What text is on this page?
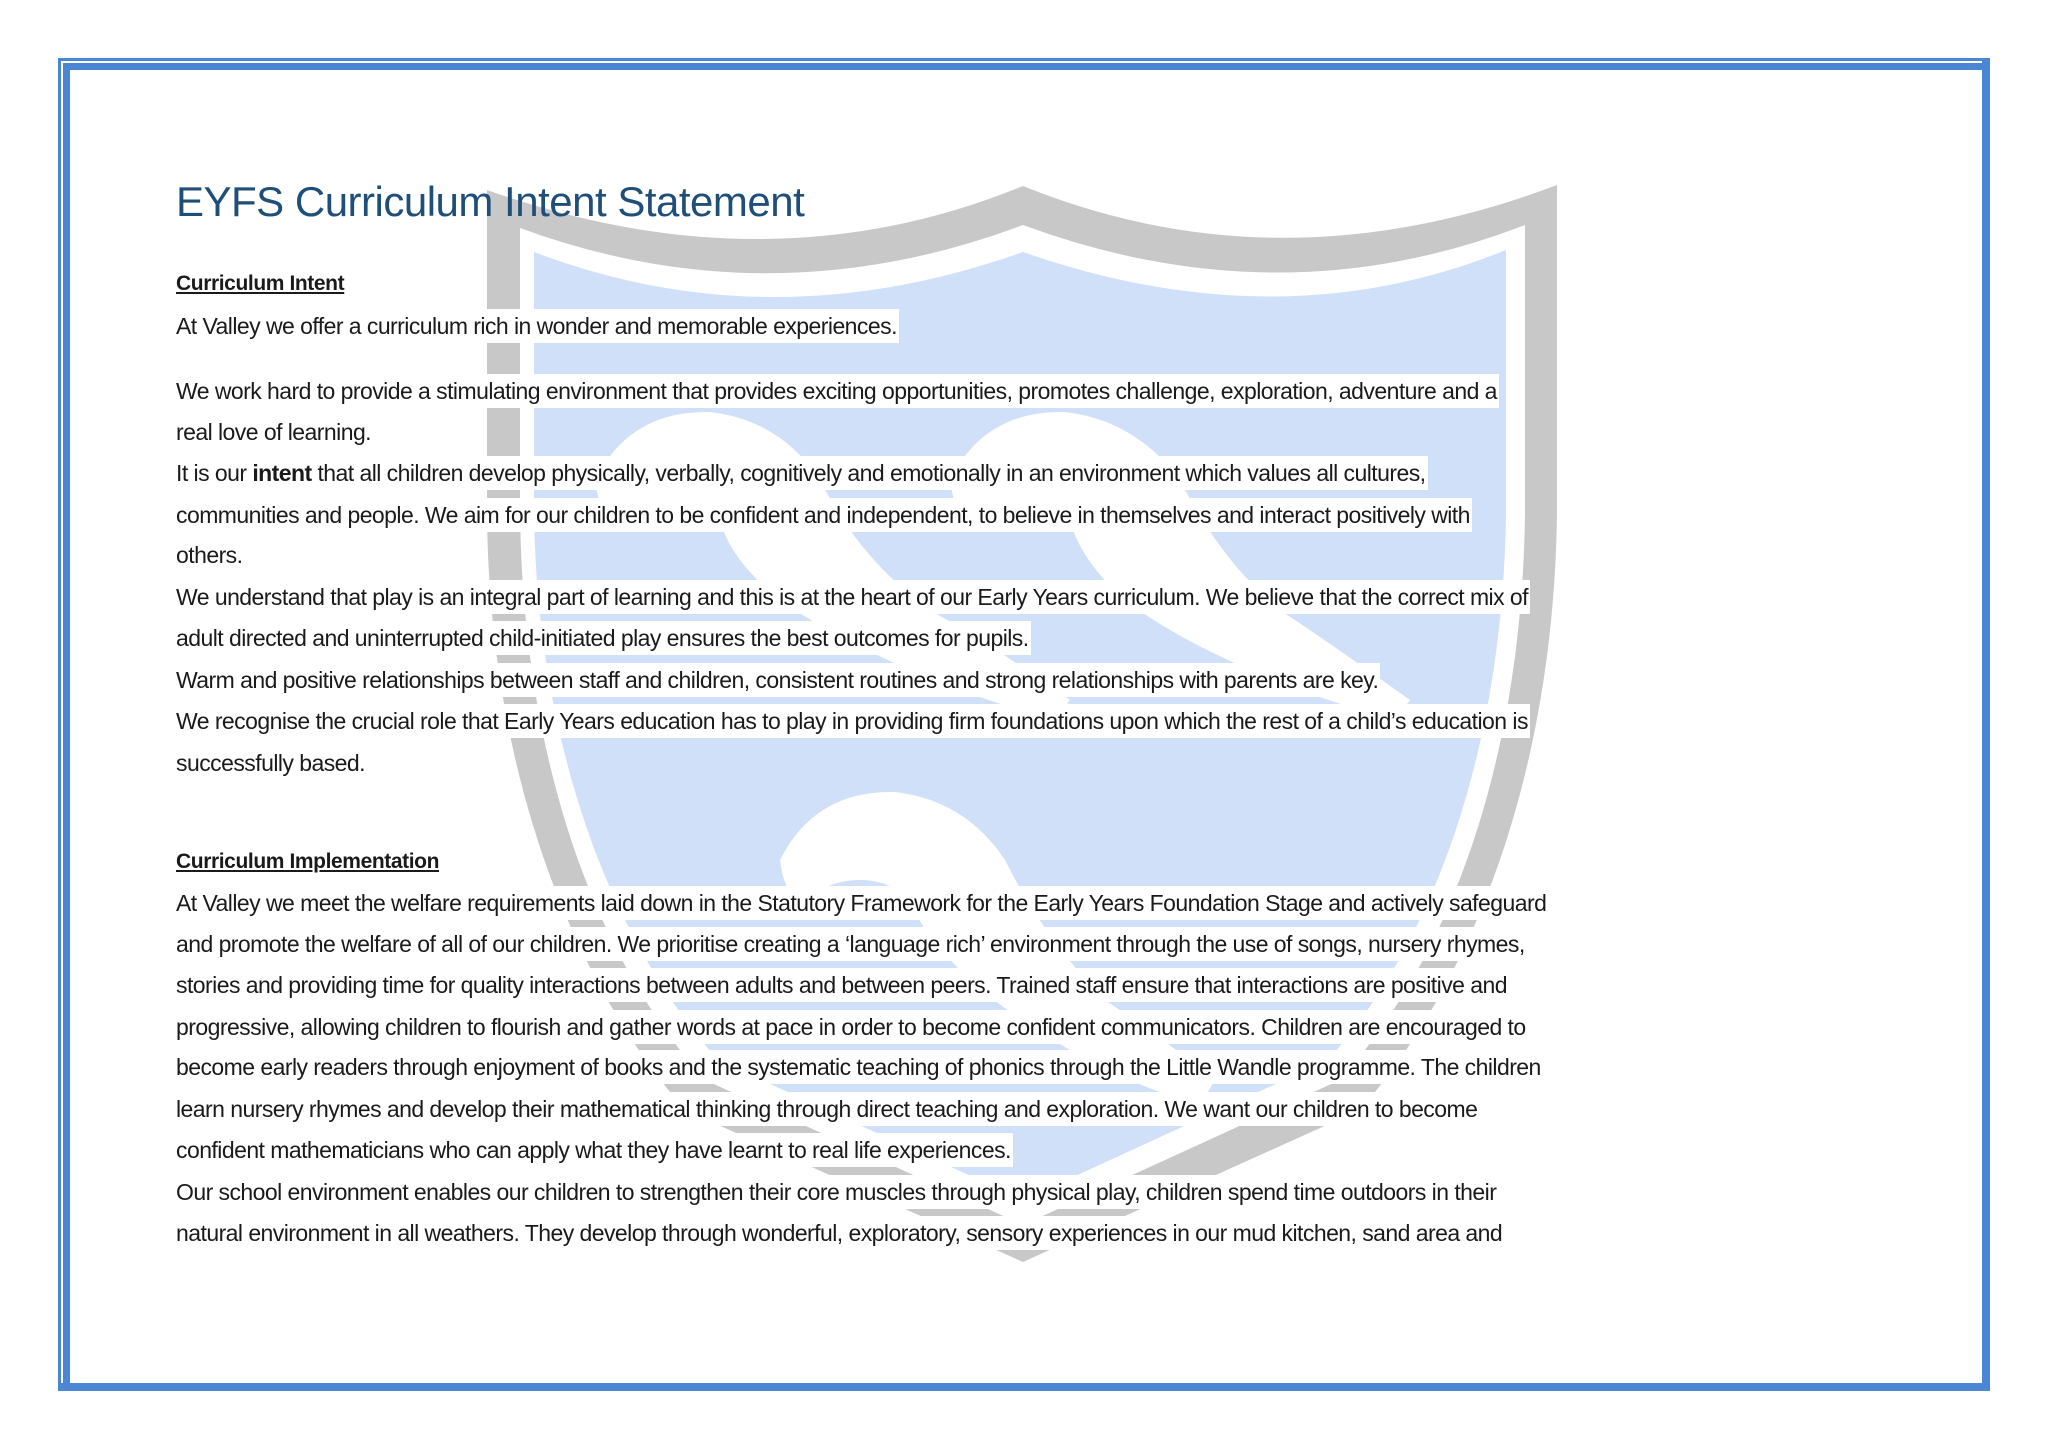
EYFS Curriculum Intent Statement
Curriculum Intent
At Valley we offer a curriculum rich in wonder and memorable experiences.
We work hard to provide a stimulating environment that provides exciting opportunities, promotes challenge, exploration, adventure and a
real love of learning.
It is our intent that all children develop physically, verbally, cognitively and emotionally in an environment which values all cultures,
communities and people. We aim for our children to be confident and independent, to believe in themselves and interact positively with
others.
We understand that play is an integral part of learning and this is at the heart of our Early Years curriculum. We believe that the correct mix of
adult directed and uninterrupted child-initiated play ensures the best outcomes for pupils.
Warm and positive relationships between staff and children, consistent routines and strong relationships with parents are key.
We recognise the crucial role that Early Years education has to play in providing firm foundations upon which the rest of a child’s education is
successfully based.
Curriculum Implementation
At Valley we meet the welfare requirements laid down in the Statutory Framework for the Early Years Foundation Stage and actively safeguard
and promote the welfare of all of our children. We prioritise creating a ‘language rich’ environment through the use of songs, nursery rhymes,
stories and providing time for quality interactions between adults and between peers. Trained staff ensure that interactions are positive and
progressive, allowing children to flourish and gather words at pace in order to become confident communicators. Children are encouraged to
become early readers through enjoyment of books and the systematic teaching of phonics through the Little Wandle programme. The children
learn nursery rhymes and develop their mathematical thinking through direct teaching and exploration. We want our children to become
confident mathematicians who can apply what they have learnt to real life experiences.
Our school environment enables our children to strengthen their core muscles through physical play, children spend time outdoors in their
natural environment in all weathers. They develop through wonderful, exploratory, sensory experiences in our mud kitchen, sand area and
